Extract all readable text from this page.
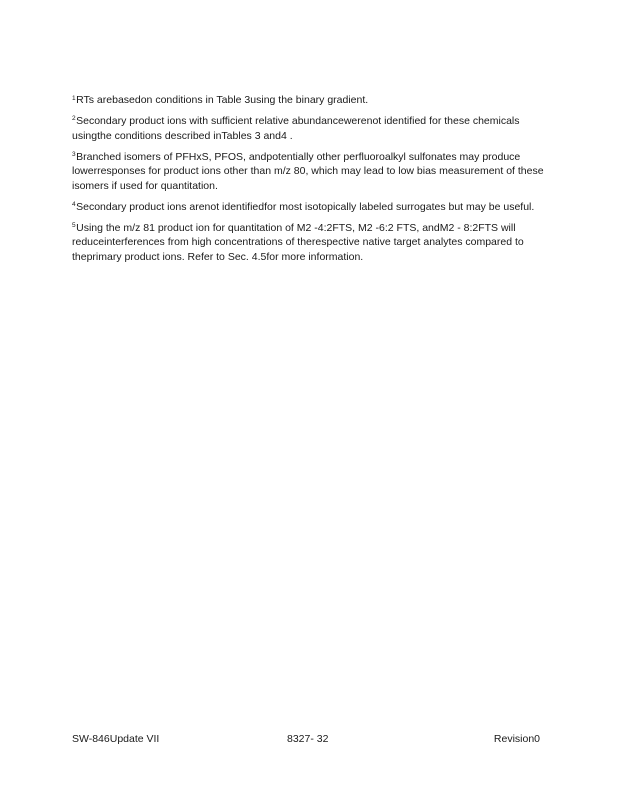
$^1$RTs arebasedon conditions in Table 3using the binary gradient.

$^2$Secondary product ions with sufficient relative abundancewerenot identified for these chemicals usingthe conditions described inTables 3 and4 .

$^3$Branched isomers of PFHxS, PFOS, andpotentially other perfluoroalkyl sulfonates may produce lowerresponses for product ions other than m/z 80, which may lead to low bias measurement of these isomers if used for quantitation.

$^4$Secondary product ions arenot identifiedfor most isotopically labeled surrogates but may be useful.

$^5$Using the m/z 81 product ion for quantitation of M2 -4:2FTS, M2 -6:2 FTS, andM2 - 8:2FTS will reduceinterferences from high concentrations of therespective native target analytes compared to theprimary product ions. Refer to Sec. 4.5for more information.

SW-846Update VII	8327- 32	Revision0
